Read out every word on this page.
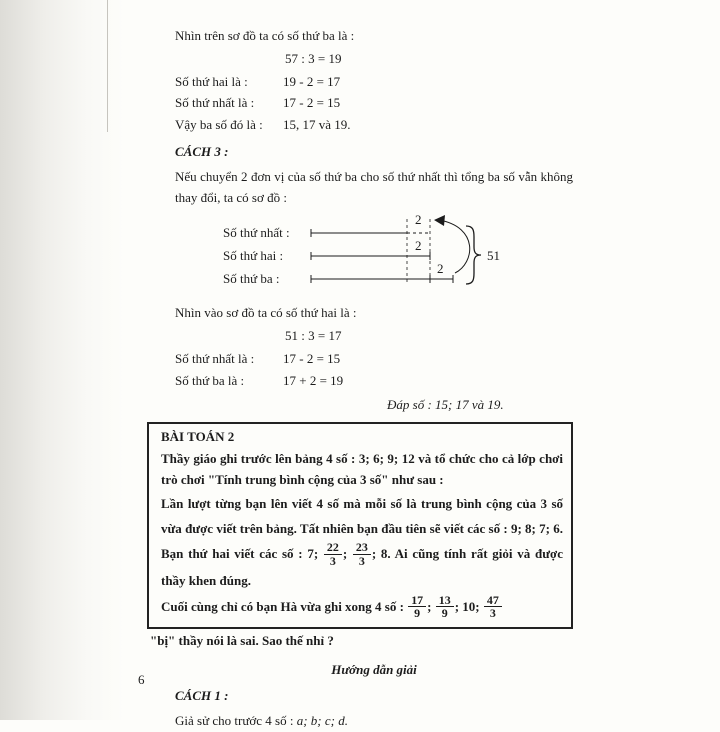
Nhìn trên sơ đồ ta có số thứ ba là :

57 : 3 = 19
Số thứ hai là :	19 - 2 = 17
Số thứ nhất là :	17 - 2 = 15
Vậy ba số đó là :	15, 17 và 19.
CÁCH 3 :

Nếu chuyển 2 đơn vị của số thứ ba cho số thứ nhất thì tổng ba số vẫn không thay đổi, ta có sơ đồ :

Số thứ nhất :
Số thứ hai :
Số thứ ba :
2
2
2
51

Nhìn vào sơ đồ ta có số thứ hai là :

51 : 3 = 17
Số thứ nhất là :	17 - 2 = 15
Số thứ ba là :	17 + 2 = 19
Đáp số : 15; 17 và 19.
BÀI TOÁN 2

Thầy giáo ghi trước lên bảng 4 số : 3; 6; 9; 12 và tổ chức cho cả lớp chơi trò chơi "Tính trung bình cộng của 3 số" như sau :

Lần lượt từng bạn lên viết 4 số mà mỗi số là trung bình cộng của 3 số vừa được viết trên bảng. Tất nhiên bạn đầu tiên sẽ viết các số : 9; 8; 7; 6. Bạn thứ hai viết các số : 7; $\frac{22}{3}$ ; $\frac{23}{3}$ ; 8. Ai cũng tính rất giỏi và được thầy khen đúng.

Cuối cùng chỉ có bạn Hà vừa ghi xong 4 số : $\frac{17}{9}$ ; $\frac{13}{9}$ ; 10; $\frac{47}{3}$

"bị" thầy nói là sai. Sao thế nhỉ ?

Hướng dẫn giải
CÁCH 1 :

Giả sử cho trước 4 số : a; b; c; d.

6
